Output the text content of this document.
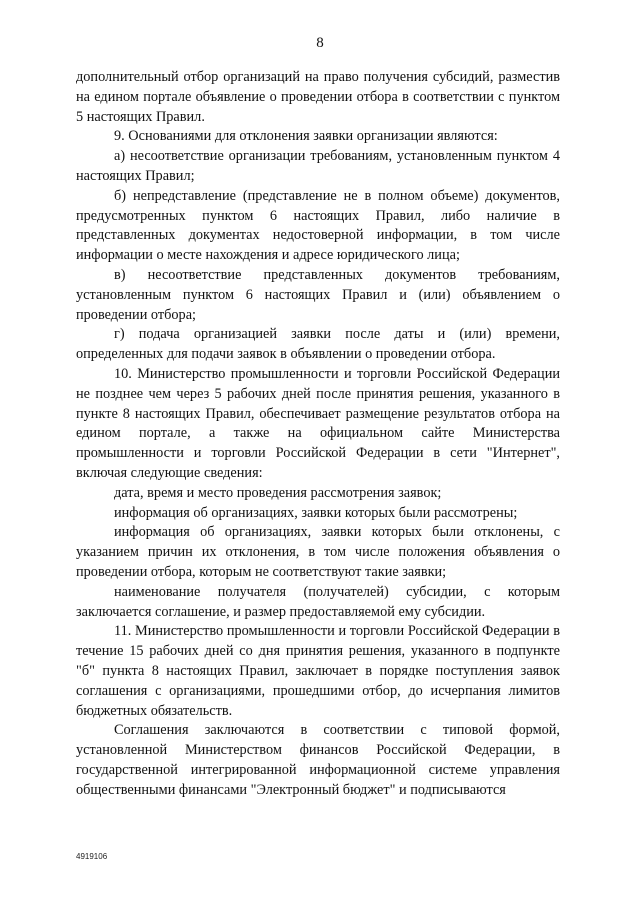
8

дополнительный отбор организаций на право получения субсидий, разместив на едином портале объявление о проведении отбора в соответствии с пунктом 5 настоящих Правил.

9. Основаниями для отклонения заявки организации являются:

а) несоответствие организации требованиям, установленным пунктом 4 настоящих Правил;

б) непредставление (представление не в полном объеме) документов, предусмотренных пунктом 6 настоящих Правил, либо наличие в представленных документах недостоверной информации, в том числе информации о месте нахождения и адресе юридического лица;

в) несоответствие представленных документов требованиям, установленным пунктом 6 настоящих Правил и (или) объявлением о проведении отбора;

г) подача организацией заявки после даты и (или) времени, определенных для подачи заявок в объявлении о проведении отбора.

10. Министерство промышленности и торговли Российской Федерации не позднее чем через 5 рабочих дней после принятия решения, указанного в пункте 8 настоящих Правил, обеспечивает размещение результатов отбора на едином портале, а также на официальном сайте Министерства промышленности и торговли Российской Федерации в сети "Интернет", включая следующие сведения:

дата, время и место проведения рассмотрения заявок;

информация об организациях, заявки которых были рассмотрены;

информация об организациях, заявки которых были отклонены, с указанием причин их отклонения, в том числе положения объявления о проведении отбора, которым не соответствуют такие заявки;

наименование получателя (получателей) субсидии, с которым заключается соглашение, и размер предоставляемой ему субсидии.

11. Министерство промышленности и торговли Российской Федерации в течение 15 рабочих дней со дня принятия решения, указанного в подпункте "б" пункта 8 настоящих Правил, заключает в порядке поступления заявок соглашения с организациями, прошедшими отбор, до исчерпания лимитов бюджетных обязательств.

Соглашения заключаются в соответствии с типовой формой, установленной Министерством финансов Российской Федерации, в государственной интегрированной информационной системе управления общественными финансами "Электронный бюджет" и подписываются

4919106
